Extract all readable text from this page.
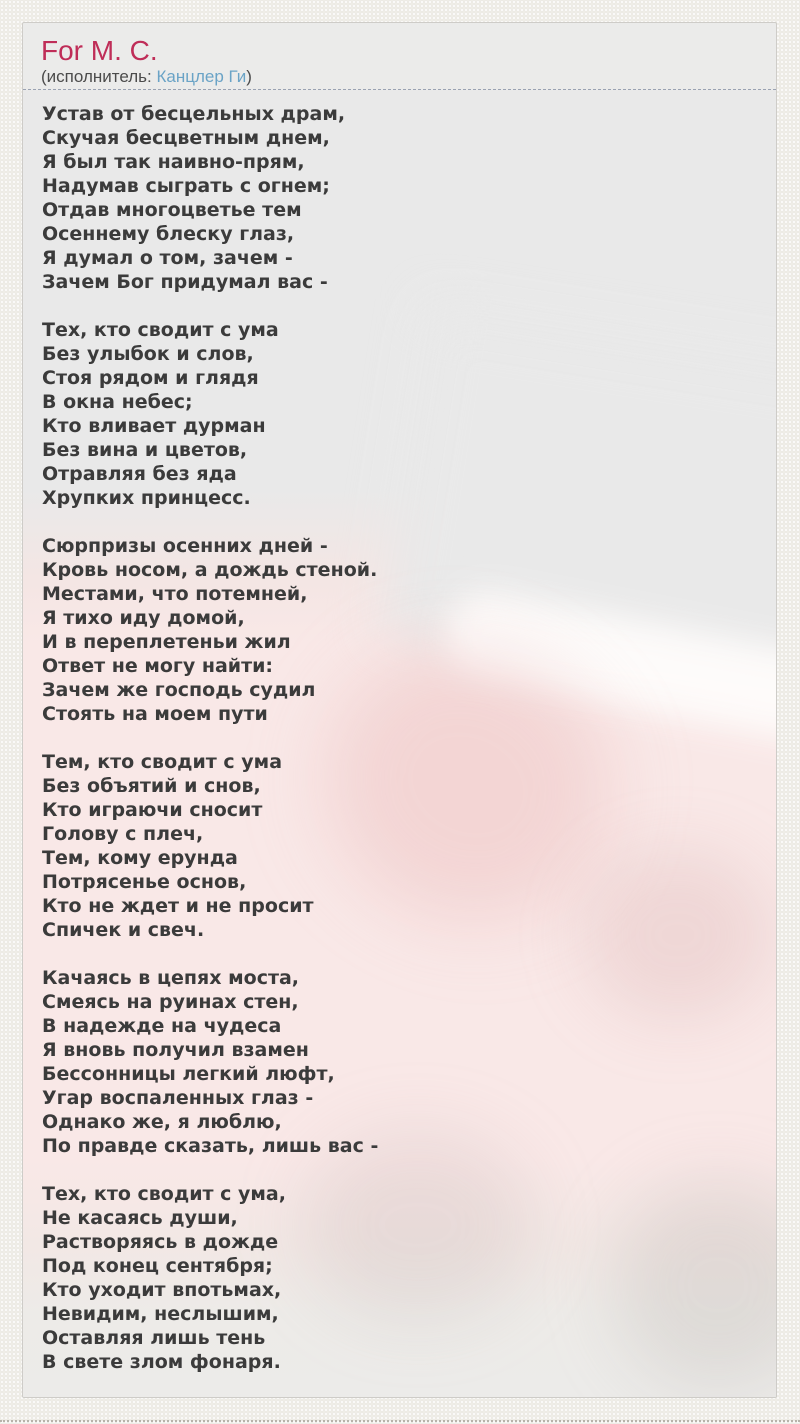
For M. C.
(исполнитель: Канцлер Ги)

Устав от бесцельных драм,
Скучая бесцветным днем,
Я был так наивно-прям,
Надумав сыграть с огнем;
Отдав многоцветье тем
Осеннему блеску глаз,
Я думал о том, зачем -
Зачем Бог придумал вас -

Тех, кто сводит с ума
Без улыбок и слов,
Стоя рядом и глядя
В окна небес;
Кто вливает дурман
Без вина и цветов,
Отравляя без яда
Хрупких принцесс.

Сюрпризы осенних дней -
Кровь носом, а дождь стеной.
Местами, что потемней,
Я тихо иду домой,
И в переплетеньи жил
Ответ не могу найти:
Зачем же господь судил
Стоять на моем пути

Тем, кто сводит с ума
Без объятий и снов,
Кто играючи сносит
Голову с плеч,
Тем, кому ерунда
Потрясенье основ,
Кто не ждет и не просит
Спичек и свеч.

Качаясь в цепях моста,
Смеясь на руинах стен,
В надежде на чудеса
Я вновь получил взамен
Бессонницы легкий люфт,
Угар воспаленных глаз -
Однако же, я люблю,
По правде сказать, лишь вас -

Тех, кто сводит с ума,
Не касаясь души,
Растворяясь в дожде
Под конец сентября;
Кто уходит впотьмах,
Невидим, неслышим,
Оставляя лишь тень
В свете злом фонаря.
